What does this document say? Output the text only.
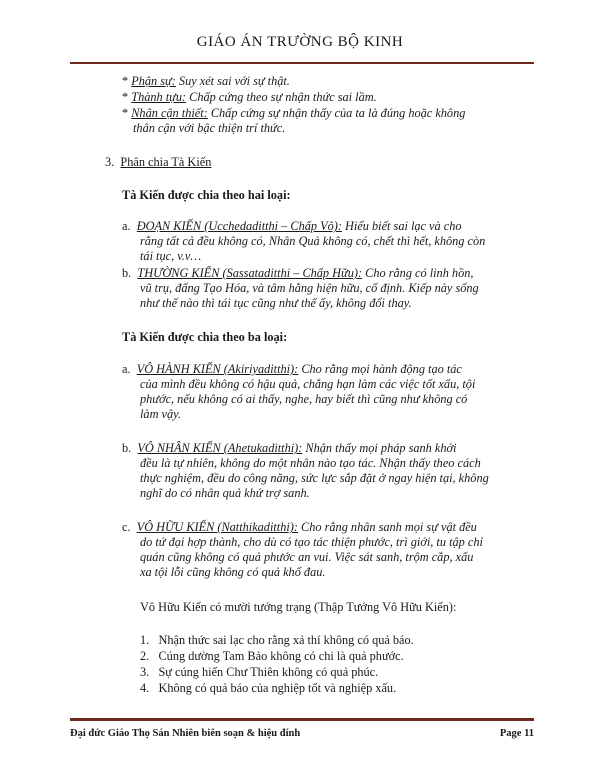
GIÁO ÁN TRƯỜNG BỘ KINH
* Phận sự: Suy xét sai với sự thật.
* Thành tựu: Chấp cứng theo sự nhận thức sai lầm.
* Nhân cận thiết: Chấp cứng sự nhận thấy của ta là đúng hoặc không
thân cận với bậc thiện trí thức.
3. Phân chia Tà Kiến
Tà Kiến được chia theo hai loại:
a. ĐOẠN KIẾN (Ucchedaditthi – Chấp Vô): Hiểu biết sai lạc và cho
rằng tất cả đều không có, Nhân Quả không có, chết thì hết, không còn
tái tục, v.v…
b. THƯỜNG KIẾN (Sassataditthi – Chấp Hữu): Cho rằng có linh hồn,
vũ trụ, đấng Tạo Hóa, và tâm hằng hiện hữu, cố định. Kiếp này sống
như thế nào thì tái tục cũng như thế ấy, không đổi thay.
Tà Kiến được chia theo ba loại:
a. VÔ HÀNH KIẾN (Akiriyaditthi): Cho rằng mọi hành động tạo tác
của mình đều không có hậu quả, chẳng hạn làm các việc tốt xấu, tội
phước, nếu không có ai thấy, nghe, hay biết thì cũng như không có
làm vậy.
b. VÔ NHÂN KIẾN (Ahetukaditthi): Nhận thấy mọi pháp sanh khởi
đều là tự nhiên, không do một nhân nào tạo tác. Nhận thấy theo cách
thực nghiệm, đều do công năng, sức lực sắp đặt ở ngay hiện tại, không
nghĩ do có nhân quả khứ trợ sanh.
c. VÔ HỮU KIẾN (Natthikaditthi): Cho rằng nhân sanh mọi sự vật đều
do tứ đại hợp thành, cho dù có tạo tác thiện phước, trì giới, tu tập chỉ
quán cũng không có quả phước an vui. Việc sát sanh, trộm cắp, xấu
xa tội lỗi cũng không có quả khổ đau.
Vô Hữu Kiến có mười tướng trạng (Thập Tướng Vô Hữu Kiến):
1. Nhận thức sai lạc cho rằng xả thí không có quả báo.
2. Cúng dường Tam Bảo không có chi là quả phước.
3. Sự cúng hiến Chư Thiên không có quả phúc.
4. Không có quả báo của nghiệp tốt và nghiệp xấu.
Đại đức Giáo Thọ Sán Nhiên biên soạn & hiệu đính	Page 11
